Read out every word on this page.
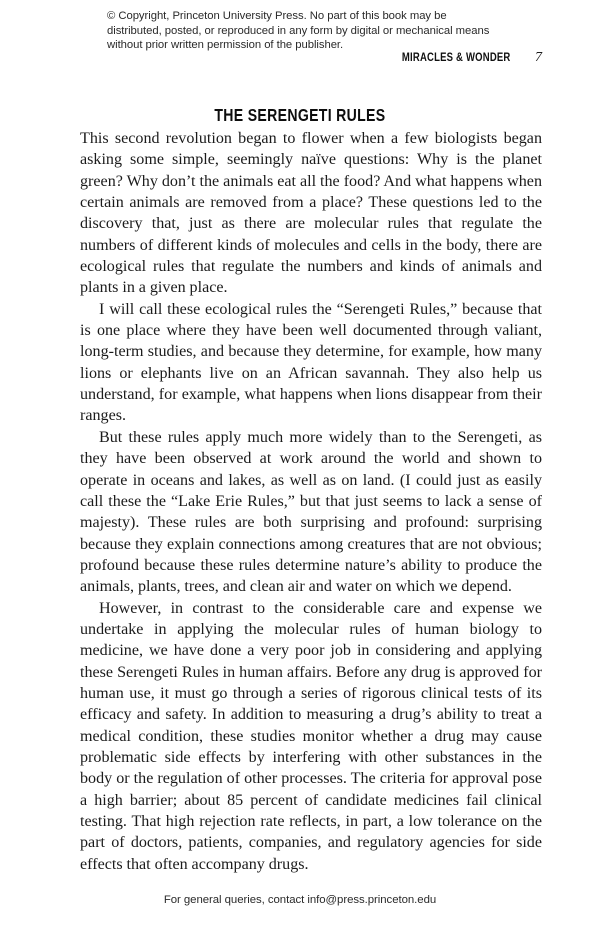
© Copyright, Princeton University Press. No part of this book may be distributed, posted, or reproduced in any form by digital or mechanical means without prior written permission of the publisher.
MIRACLES & WONDER 7
THE SERENGETI RULES

This second revolution began to flower when a few biologists began asking some simple, seemingly naïve questions: Why is the planet green? Why don’t the animals eat all the food? And what happens when certain animals are removed from a place? These questions led to the discovery that, just as there are molecular rules that regulate the numbers of different kinds of molecules and cells in the body, there are ecological rules that regulate the numbers and kinds of animals and plants in a given place.

I will call these ecological rules the “Serengeti Rules,” because that is one place where they have been well documented through valiant, long-term studies, and because they determine, for example, how many lions or elephants live on an African savannah. They also help us understand, for example, what happens when lions disappear from their ranges.

But these rules apply much more widely than to the Serengeti, as they have been observed at work around the world and shown to operate in oceans and lakes, as well as on land. (I could just as easily call these the “Lake Erie Rules,” but that just seems to lack a sense of majesty). These rules are both surprising and profound: surprising because they explain connections among creatures that are not obvious; profound because these rules determine nature’s ability to produce the animals, plants, trees, and clean air and water on which we depend.

However, in contrast to the considerable care and expense we undertake in applying the molecular rules of human biology to medicine, we have done a very poor job in considering and applying these Serengeti Rules in human affairs. Before any drug is approved for human use, it must go through a series of rigorous clinical tests of its efficacy and safety. In addition to measuring a drug’s ability to treat a medical condition, these studies monitor whether a drug may cause problematic side effects by interfering with other substances in the body or the regulation of other processes. The criteria for approval pose a high barrier; about 85 percent of candidate medicines fail clinical testing. That high rejection rate reflects, in part, a low tolerance on the part of doctors, patients, companies, and regulatory agencies for side effects that often accompany drugs.

For general queries, contact info@press.princeton.edu
